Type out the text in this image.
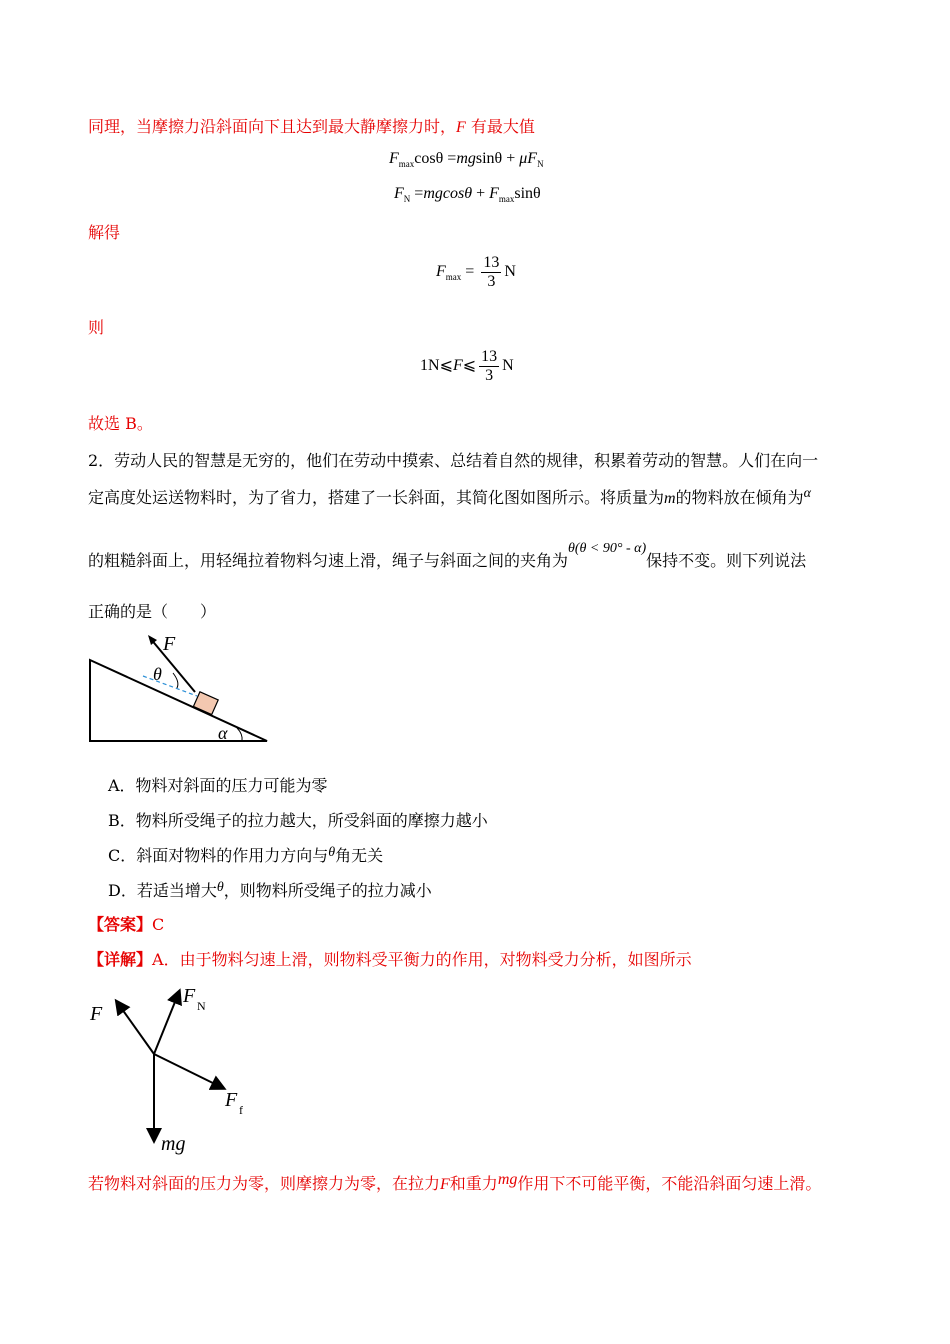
同理，当摩擦力沿斜面向下且达到最大静摩擦力时，F 有最大值
$F_{max}\cos\theta =mgsin\theta + \mu F_N$
$F_N =mgcos\theta + F_{max}\sin\theta$
解得
$F_{max} = \frac{13}{3}$ N
则
1N⩽F⩽ $\frac{13}{3}$ N
故选 B。
2．劳动人民的智慧是无穷的，他们在劳动中摸索、总结着自然的规律，积累着劳动的智慧。人们在向一
定高度处运送物料时，为了省力，搭建了一长斜面，其简化图如图所示。将质量为m的物料放在倾角为α
的粗糙斜面上，用轻绳拉着物料匀速上滑，绳子与斜面之间的夹角为θ(θ < 90° - α)保持不变。则下列说法
正确的是（　　）
F
θ
α
A．物料对斜面的压力可能为零
B．物料所受绳子的拉力越大，所受斜面的摩擦力越小
C．斜面对物料的作用力方向与θ角无关
D．若适当增大θ，则物料所受绳子的拉力减小
【答案】C
【详解】A．由于物料匀速上滑，则物料受平衡力的作用，对物料受力分析，如图所示
F
F N
F f
mg
若物料对斜面的压力为零，则摩擦力为零，在拉力F和重力mg作用下不可能平衡，不能沿斜面匀速上滑。
